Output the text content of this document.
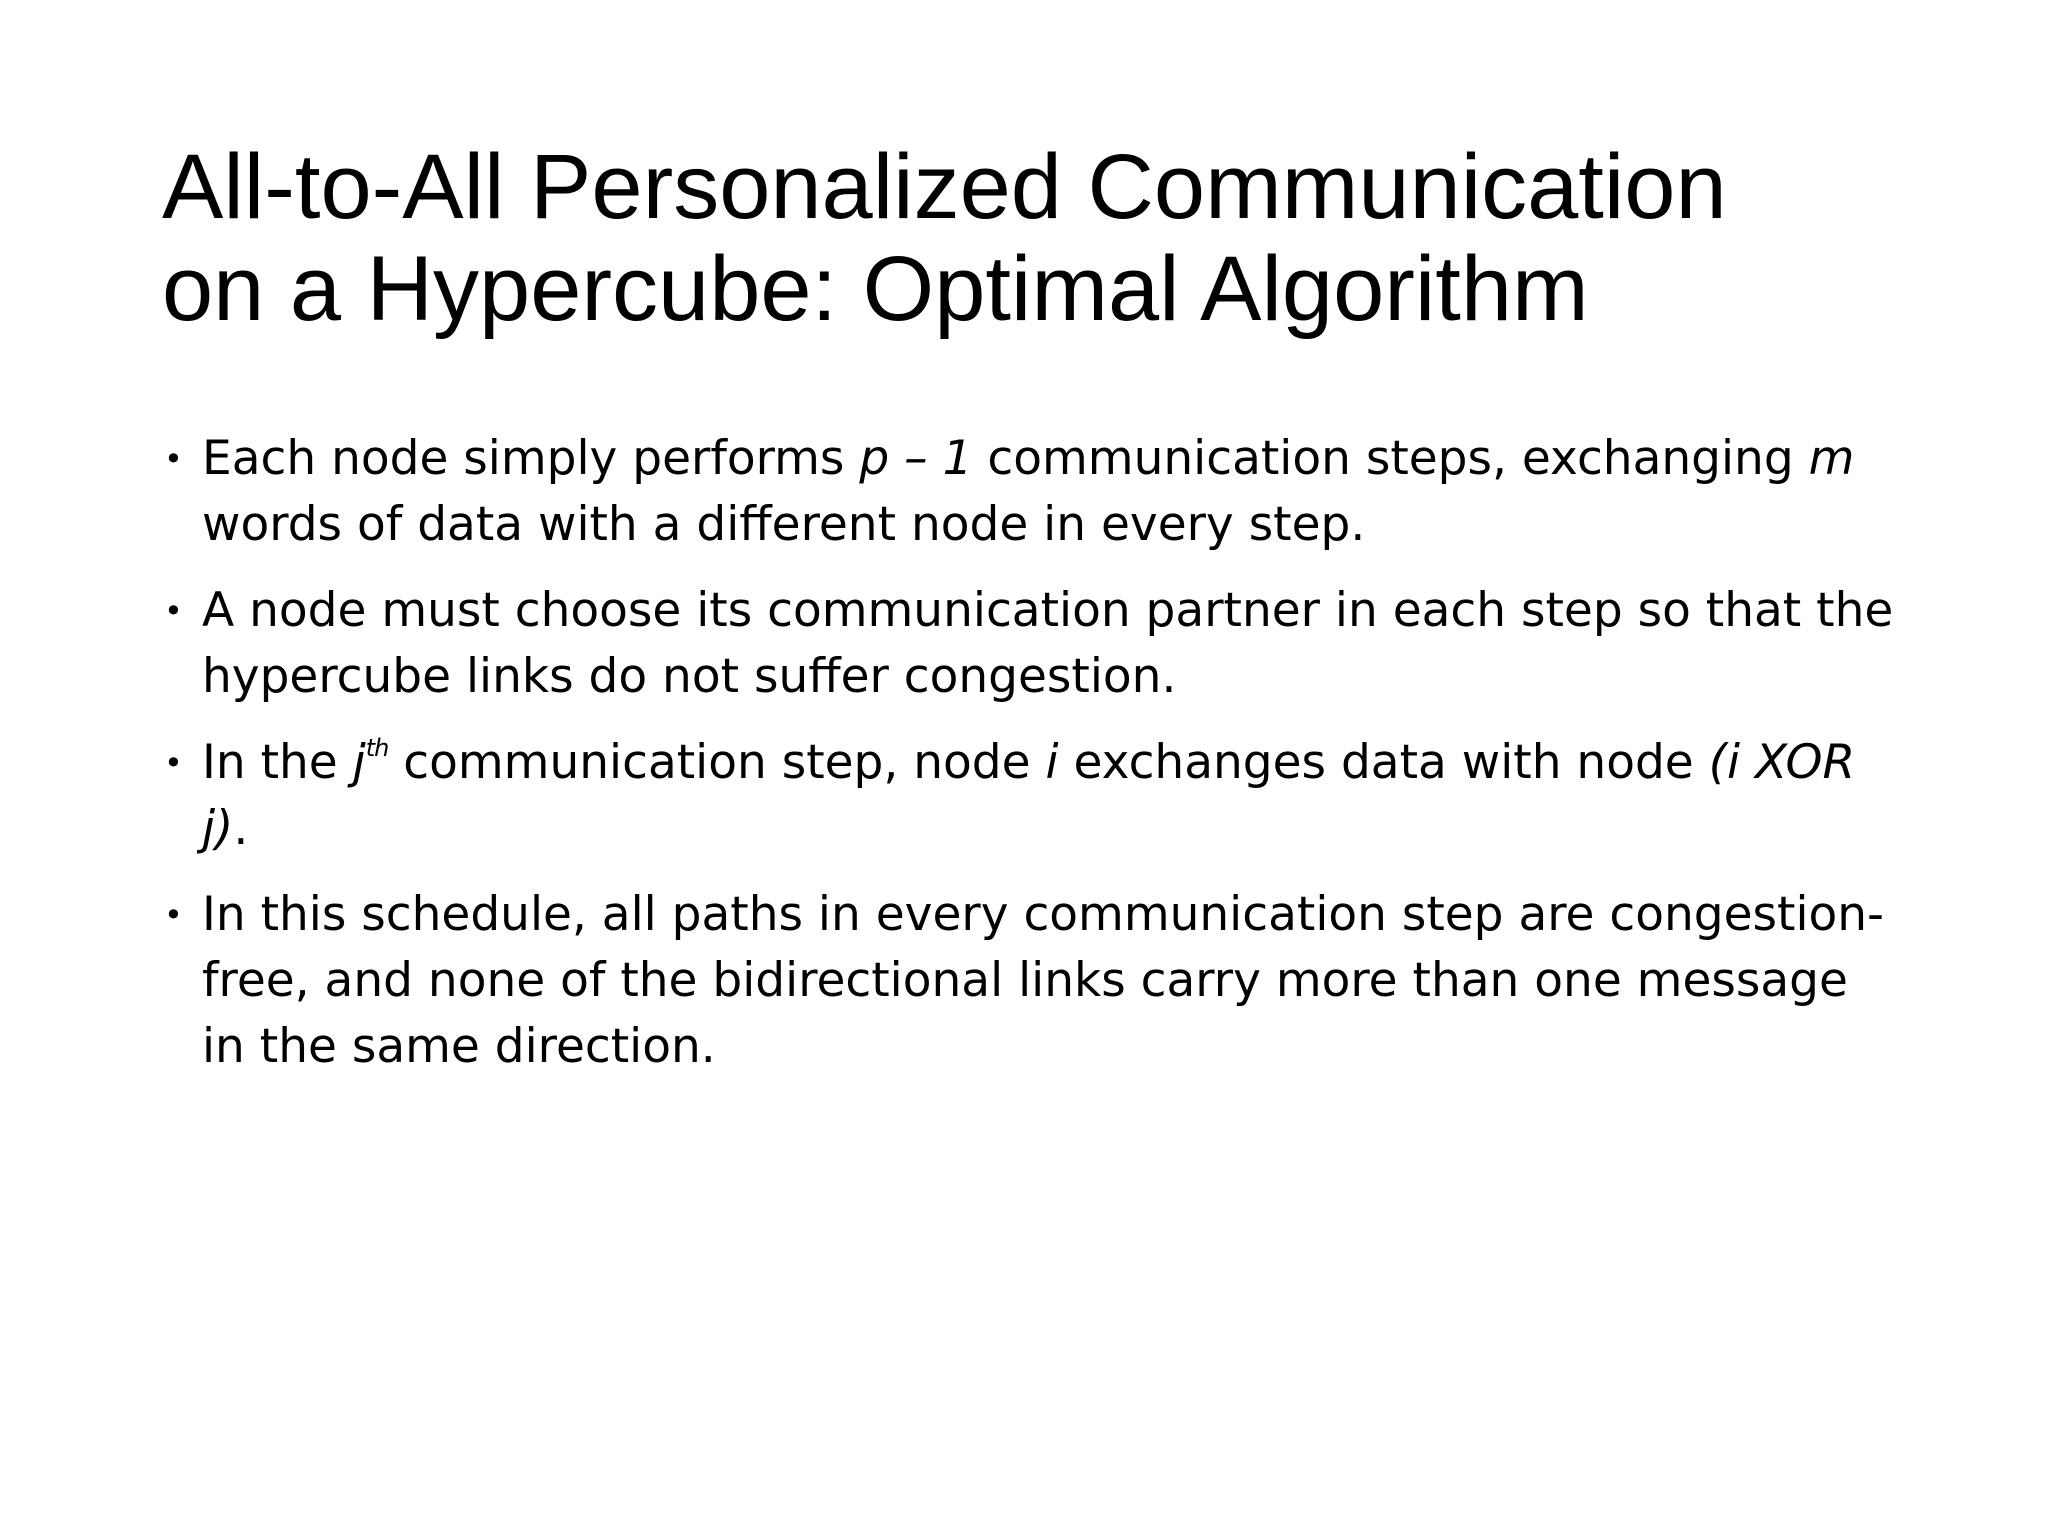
All-to-All Personalized Communication
on a Hypercube: Optimal Algorithm
• Each node simply performs p – 1 communication steps, exchanging m words of data with a different node in every step.
• A node must choose its communication partner in each step so that the hypercube links do not suffer congestion.
• In the $j^{th}$ communication step, node i exchanges data with node (i XOR j).
• In this schedule, all paths in every communication step are congestion-free, and none of the bidirectional links carry more than one message in the same direction.
